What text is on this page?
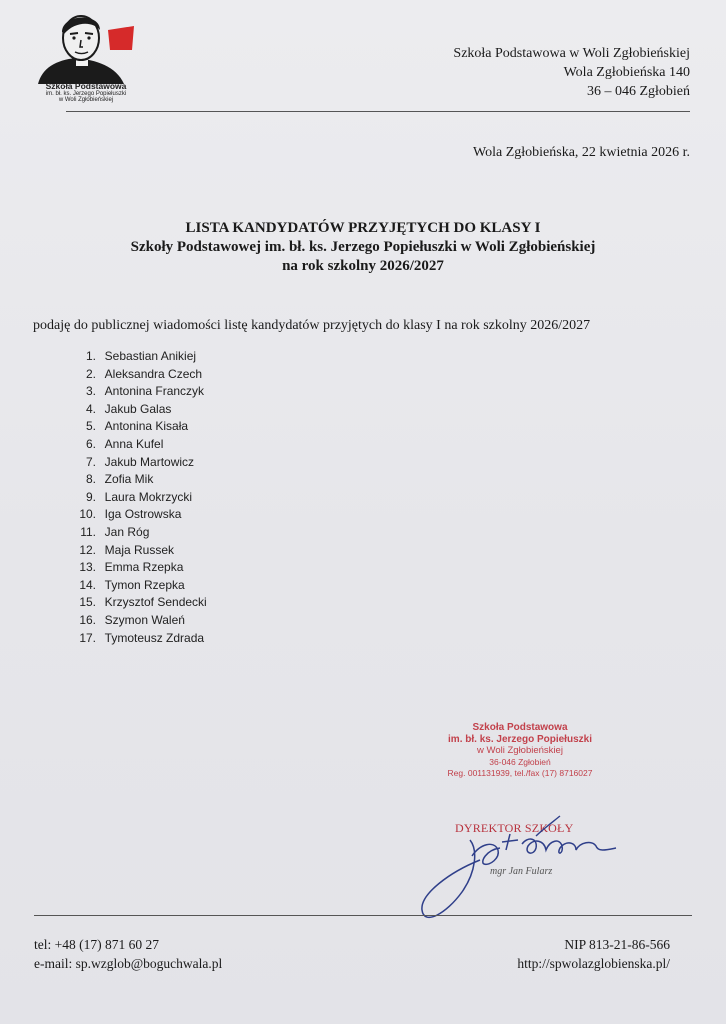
Szkoła Podstawowa
im. bł. ks. Jerzego Popiełuszki
w Woli Zgłobieńskiej
Szkoła Podstawowa w Woli Zgłobieńskiej
Wola Zgłobieńska 140
36 – 046 Zgłobień
Wola Zgłobieńska, 22 kwietnia 2026 r.
LISTA KANDYDATÓW PRZYJĘTYCH DO KLASY I
Szkoły Podstawowej im. bł. ks. Jerzego Popiełuszki w Woli Zgłobieńskiej
na rok szkolny 2026/2027
podaję do publicznej wiadomości listę kandydatów przyjętych do klasy I na rok szkolny 2026/2027
1. Sebastian Anikiej
2. Aleksandra Czech
3. Antonina Franczyk
4. Jakub Galas
5. Antonina Kisała
6. Anna Kufel
7. Jakub Martowicz
8. Zofia Mik
9. Laura Mokrzycki
10. Iga Ostrowska
11. Jan Róg
12. Maja Russek
13. Emma Rzepka
14. Tymon Rzepka
15. Krzysztof Sendecki
16. Szymon Waleń
17. Tymoteusz Zdrada
Szkoła Podstawowa
im. bł. ks. Jerzego Popiełuszki
w Woli Zgłobieńskiej
36-046 Zgłobień
Reg. 001131939, tel./fax (17) 8716027
DYREKTOR SZKOŁY
mgr Jan Fularz
tel: +48 (17) 871 60 27
e-mail: sp.wzglob@boguchwala.pl
NIP 813-21-86-566
http://spwolazglobienska.pl/
